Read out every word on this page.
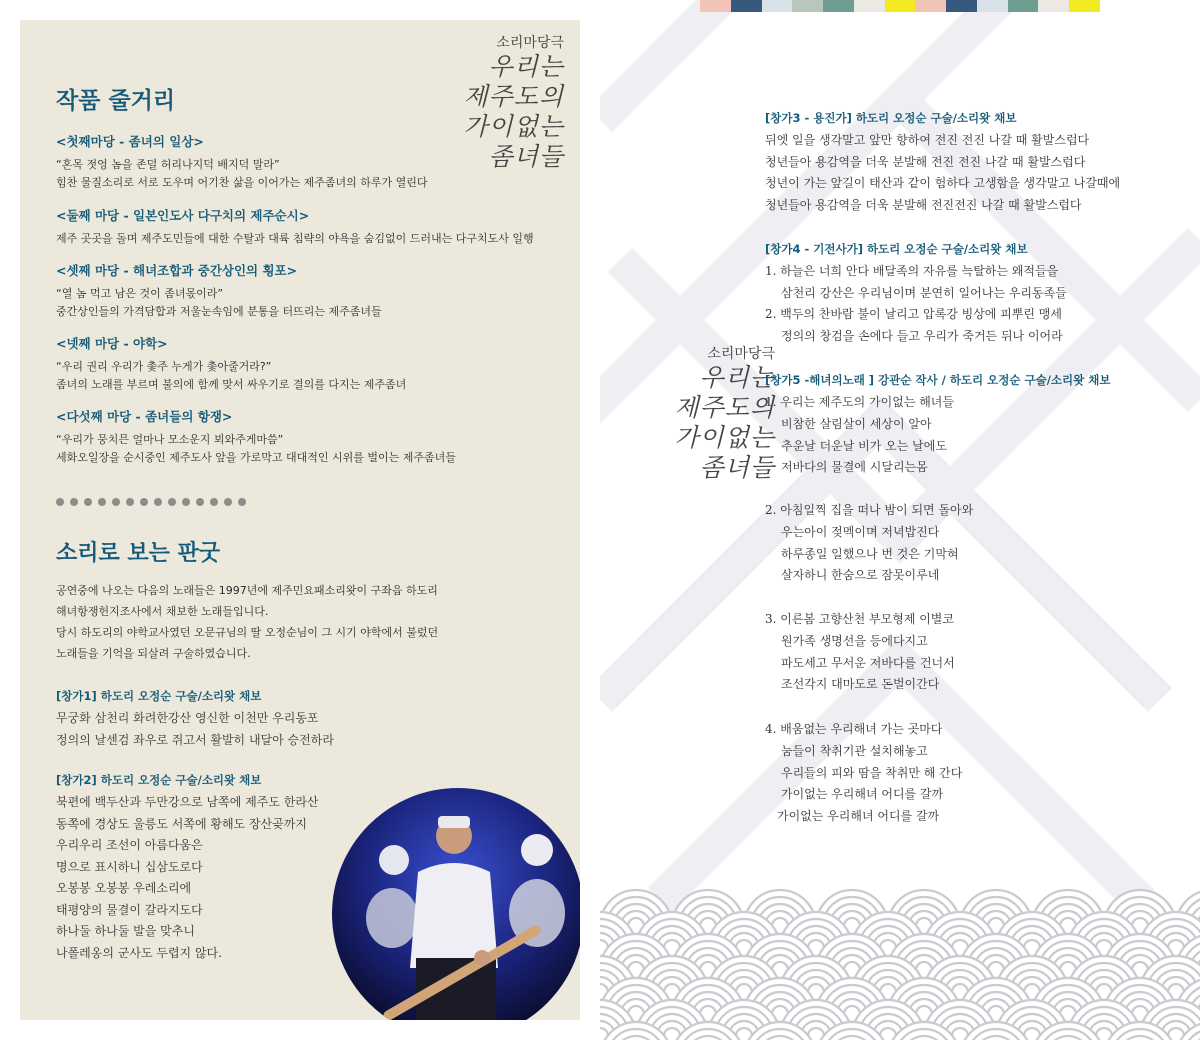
소리마당극
우리는
제주도의
가이없는
좀녀들
작품 줄거리

<첫째마당 - 좀녀의 일상>

“혼목 젓엉 놈을 존덜 허리나지덕 배지덕 말라”

힘찬 물질소리로 서로 도우며 어기찬 삶을 이어가는 제주좀녀의 하루가 열린다

<둘째 마당 - 일본인도사 다구치의 제주순시>

제주 곳곳을 돌며 제주도민들에 대한 수탈과 대륙 침략의 야욕을 숨김없이 드러내는 다구치도사 일행

<셋째 마당 - 해녀조합과 중간상인의 횡포>

“열 놈 먹고 남은 것이 좀녀몫이라”

중간상인들의 가격담합과 저울눈속임에 분통을 터뜨리는 제주좀녀들

<넷째 마당 - 야학>

“우리 권리 우리가 촟주 누게가 촟아줄거라?”

좀녀의 노래를 부르며 불의에 함께 맞서 싸우기로 결의를 다지는 제주좀녀

<다섯째 마당 - 좀녀들의 항쟁>

“우리가 뭉치믄 얼마나 모소운지 뵈와주게마씀”

세화오일장을 순시중인 제주도사 앞을 가로막고 대대적인 시위를 벌이는 제주좀녀들

소리로 보는 판굿

공연중에 나오는 다음의 노래들은 1997년에 제주민요패소리왓이 구좌읍 하도리

해녀항쟁헌지조사에서 채보한 노래들입니다.

당시 하도리의 야학교사였던 오문규님의 딸 오정순님이 그 시기 야학에서 불렀던

노래들을 기억을 되살려 구술하였습니다.

[창가1] 하도리 오정순 구술/소리왓 채보

무궁화 삼천리 화려한강산 영신한 이천만 우리동포

정의의 날센검 좌우로 쥐고서 활발히 내달아 승전하라

[창가2] 하도리 오정순 구술/소리왓 채보

북편에 백두산과 두만강으로 남쪽에 제주도 한라산

동쪽에 경상도 울릉도 서쪽에 황해도 장산곶까지

우리우리 조선이 아름다움은

명으로 표시하니 십삼도로다

오봉봉 오봉봉 우레소리에

태평양의 물결이 갈라지도다

하나둘 하나둘 발을 맞추니

나폴레옹의 군사도 두렵지 않다.

소리마당극
우리는
제주도의
가이없는
좀녀들

[창가3 - 용진가] 하도리 오정순 구술/소리왓 채보

뒤엣 일을 생각말고 앞만 향하여 전진 전진 나갈 때 활발스럽다

청년들아 용감역을 더욱 분발해 전진 전진 나갈 때 활발스럽다

청년이 가는 앞길이 태산과 같이 험하다 고생함을 생각말고 나갈때에

청년들아 용감역을 더욱 분발해 전진전진 나갈 때 활발스럽다

[창가4 - 기전사가] 하도리 오정순 구술/소리왓 채보

1. 하늘은 너희 안다 배달족의 자유를 늑탈하는 왜적들을

삼천리 강산은 우리님이며 분연히 일어나는 우리동족들

2. 백두의 찬바람 불이 날리고 압록강 빙상에 피뿌린 맹세

정의의 창검을 손에다 들고 우리가 죽거든 뒤나 이어라

[창가5 -해녀의노래 ] 강관순 작사 / 하도리 오정순 구술/소리왓 채보

1. 우리는 제주도의 가이없는 해녀들

비참한 살림살이 세상이 알아

추운날 더운날 비가 오는 날에도

저바다의 물결에 시달리는몸

2. 아침일찍 집을 떠나 밤이 되면 돌아와

우는아이 젖멕이며 저녁밥진다

하루종일 일했으나 번 것은 기막혀

살자하니 한숨으로 잠못이루네

3. 이른봄 고향산천 부모형제 이별코

원가족 생명선을 등에다지고

파도세고 무서운 저바다를 건너서

조선각지 대마도로 돈벌이간다

4. 배움없는 우리해녀 가는 곳마다

눔들이 착취기관 설치해놓고

우리들의 피와 땀을 착취만 해 간다

가이없는 우리해녀 어디를 갈까

가이없는 우리해녀 어디를 갈까
